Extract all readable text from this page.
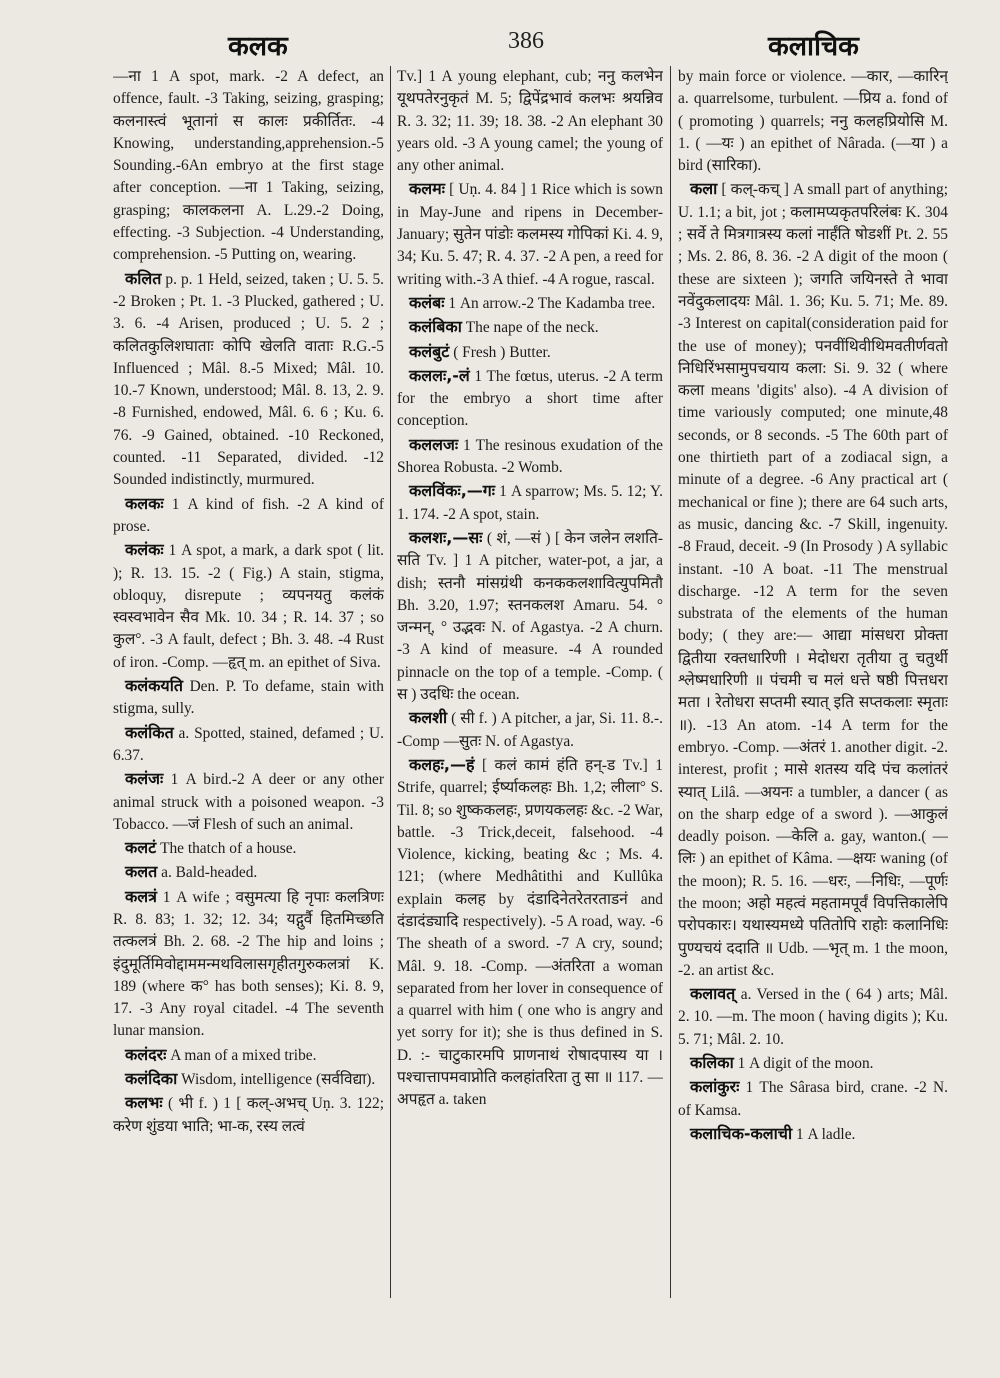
कलक	386	कलाचिक

—ना 1 A spot, mark. -2 A defect, an offence, fault. -3 Taking, seizing, grasping; कलनास्त्वं भूतानां स कालः प्रकीर्तितः. -4 Knowing, understanding,apprehension.-5 Sounding.-6An embryo at the first stage after conception. —ना 1 Taking, seizing, grasping; कालकलना A. L.29.-2 Doing, effecting. -3 Subjection. -4 Understanding, comprehension. -5 Putting on, wearing.

कलित p. p. 1 Held, seized, taken ; U. 5. 5. -2 Broken ; Pt. 1. -3 Plucked, gathered ; U. 3. 6. -4 Arisen, produced ; U. 5. 2 ; कलितकुलिशघाताः कोपि खेलति वाताः R.G.-5 Influenced ; Mâl. 8.-5 Mixed; Mâl. 10. 10.-7 Known, understood; Mâl. 8. 13, 2. 9. -8 Furnished, endowed, Mâl. 6. 6 ; Ku. 6. 76. -9 Gained, obtained. -10 Reckoned, counted. -11 Separated, divided. -12 Sounded indistinctly, murmured.

कलकः 1 A kind of fish. -2 A kind of prose.

कलंकः 1 A spot, a mark, a dark spot ( lit. ); R. 13. 15. -2 ( Fig.) A stain, stigma, obloquy, disrepute ; व्यपनयतु कलंकं स्वस्वभावेन सैव Mk. 10. 34 ; R. 14. 37 ; so कुल°. -3 A fault, defect ; Bh. 3. 48. -4 Rust of iron. -Comp. —हृत् m. an epithet of Siva.

कलंकयति Den. P. To defame, stain with stigma, sully.

कलंकित a. Spotted, stained, defamed ; U. 6.37.

कलंजः 1 A bird.-2 A deer or any other animal struck with a poisoned weapon. -3 Tobacco. —जं Flesh of such an animal.

कलटं The thatch of a house.

कलत a. Bald-headed.

कलत्रं 1 A wife ; वसुमत्या हि नृपाः कलत्रिणः R. 8. 83; 1. 32; 12. 34; यद्गुर्वै हितमिच्छति तत्कलत्रं Bh. 2. 68. -2 The hip and loins ; इंदुमूर्तिमिवोद्दाममन्मथविलासगृहीतगुरुकलत्रां K. 189 (where क° has both senses); Ki. 8. 9, 17. -3 Any royal citadel. -4 The seventh lunar mansion.

कलंदरः A man of a mixed tribe.

कलंदिका Wisdom, intelligence (सर्वविद्या).

कलभः ( भी f. ) 1 [ कल्-अभच् Uṇ. 3. 122; करेण शुंडया भाति; भा-क, रस्य लत्वं

Tv.] 1 A young elephant, cub; ननु कलभेन यूथपतेरनुकृतं M. 5; द्विपेंद्रभावं कलभः श्रयन्निव R. 3. 32; 11. 39; 18. 38. -2 An elephant 30 years old. -3 A young camel; the young of any other animal.

कलमः [ Uṇ. 4. 84 ] 1 Rice which is sown in May-June and ripens in December-January; सुतेन पांडोः कलमस्य गोपिकां Ki. 4. 9, 34; Ku. 5. 47; R. 4. 37. -2 A pen, a reed for writing with.-3 A thief. -4 A rogue, rascal.

कलंबः 1 An arrow.-2 The Kadamba tree.

कलंबिका The nape of the neck.

कलंबुटं ( Fresh ) Butter.

कललः,-लं 1 The fœtus, uterus. -2 A term for the embryo a short time after conception.

कललजः 1 The resinous exudation of the Shorea Robusta. -2 Womb.

कलविंकः,—गः 1 A sparrow; Ms. 5. 12; Y. 1. 174. -2 A spot, stain.

कलशः,—सः ( शं, —सं ) [ केन जलेन लशति-सति Tv. ] 1 A pitcher, water-pot, a jar, a dish; स्तनौ मांसग्रंथी कनककलशावित्युपमितौ Bh. 3.20, 1.97; स्तनकलश Amaru. 54. ° जन्मन्, ° उद्भवः N. of Agastya. -2 A churn. -3 A kind of measure. -4 A rounded pinnacle on the top of a temple. -Comp. ( स ) उदधिः the ocean.

कलशी ( सी f. ) A pitcher, a jar, Si. 11. 8.-. -Comp —सुतः N. of Agastya.

कलहः,—हं [ कलं कामं हंति हन्-ड Tv.] 1 Strife, quarrel; ईर्ष्याकलहः Bh. 1,2; लीला° S. Til. 8; so शुष्ककलहः, प्रणयकलहः &c. -2 War, battle. -3 Trick,deceit, falsehood. -4 Violence, kicking, beating &c ; Ms. 4. 121; (where Medhâtithi and Kullûka explain कलह by दंडादिनेतरेतरताडनं and दंडादंड्यादि respectively). -5 A road, way. -6 The sheath of a sword. -7 A cry, sound; Mâl. 9. 18. -Comp. —अंतरिता a woman separated from her lover in consequence of a quarrel with him ( one who is angry and yet sorry for it); she is thus defined in S. D. :- चाटुकारमपि प्राणनाथं रोषादपास्य या । पश्चात्तापमवाप्नोति कलहांतरिता तु सा ॥ 117. —अपहृत a. taken

by main force or violence. —कार, —कारिन् a. quarrelsome, turbulent. —प्रिय a. fond of ( promoting ) quarrels; ननु कलहप्रियोसि M. 1. ( —यः ) an epithet of Nârada. (—या ) a bird (सारिका).

कला [ कल्-कच् ] A small part of anything; U. 1.1; a bit, jot ; कलामप्यकृतपरिलंबः K. 304 ; सर्वे ते मित्रगात्रस्य कलां नार्हंति षोडशीं Pt. 2. 55 ; Ms. 2. 86, 8. 36. -2 A digit of the moon ( these are sixteen ); जगति जयिनस्ते ते भावा नवेंदुकलादयः Mâl. 1. 36; Ku. 5. 71; Me. 89. -3 Interest on capital(consideration paid for the use of money); पनवींथिवीथिमवतीर्णवतो निधिरिंभसामुपचयाय कला: Si. 9. 32 ( where कला means 'digits' also). -4 A division of time variously computed; one minute,48 seconds, or 8 seconds. -5 The 60th part of one thirtieth part of a zodiacal sign, a minute of a degree. -6 Any practical art ( mechanical or fine ); there are 64 such arts, as music, dancing &c. -7 Skill, ingenuity. -8 Fraud, deceit. -9 (In Prosody ) A syllabic instant. -10 A boat. -11 The menstrual discharge. -12 A term for the seven substrata of the elements of the human body; ( they are:— आद्या मांसधरा प्रोक्ता द्वितीया रक्तधारिणी । मेदोधरा तृतीया तु चतुर्थी श्लेष्मधारिणी ॥ पंचमी च मलं धत्ते षष्ठी पित्तधरा मता । रेतोधरा सप्तमी स्यात् इति सप्तकलाः स्मृताः ॥). -13 An atom. -14 A term for the embryo. -Comp. —अंतरं 1. another digit. -2. interest, profit ; मासे शतस्य यदि पंच कलांतरं स्यात् Lilâ. —अयनः a tumbler, a dancer ( as on the sharp edge of a sword ). —आकुलं deadly poison. —केलि a. gay, wanton.( —लिः ) an epithet of Kâma. —क्षयः waning (of the moon); R. 5. 16. —धरः, —निधिः, —पूर्णः the moon; अहो महत्वं महतामपूर्वं विपत्तिकालेपि परोपकारः। यथास्यमध्ये पतितोपि राहोः कलानिधिः पुण्यचयं ददाति ॥ Udb. —भृत् m. 1 the moon, -2. an artist &c.

कलावत् a. Versed in the ( 64 ) arts; Mâl. 2. 10. —m. The moon ( having digits ); Ku. 5. 71; Mâl. 2. 10.

कलिका 1 A digit of the moon.

कलांकुरः 1 The Sârasa bird, crane. -2 N. of Kamsa.

कलाचिक-कलाची 1 A ladle.
